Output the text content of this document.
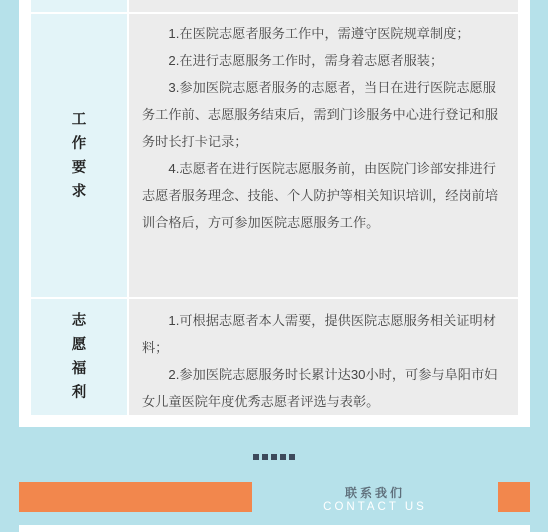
工
作
要
求

1.在医院志愿者服务工作中，需遵守医院规章制度；

2.在进行志愿服务工作时，需身着志愿者服装；

3.参加医院志愿者服务的志愿者，当日在进行医院志愿服务工作前、志愿服务结束后，需到门诊服务中心进行登记和服务时长打卡记录；

4.志愿者在进行医院志愿服务前，由医院门诊部安排进行志愿者服务理念、技能、个人防护等相关知识培训，经岗前培训合格后，方可参加医院志愿服务工作。

志
愿
福
利

1.可根据志愿者本人需要，提供医院志愿服务相关证明材料；

2.参加医院志愿服务时长累计达30小时，可参与阜阳市妇女儿童医院年度优秀志愿者评选与表彰。

联系我们
CONTACT US
